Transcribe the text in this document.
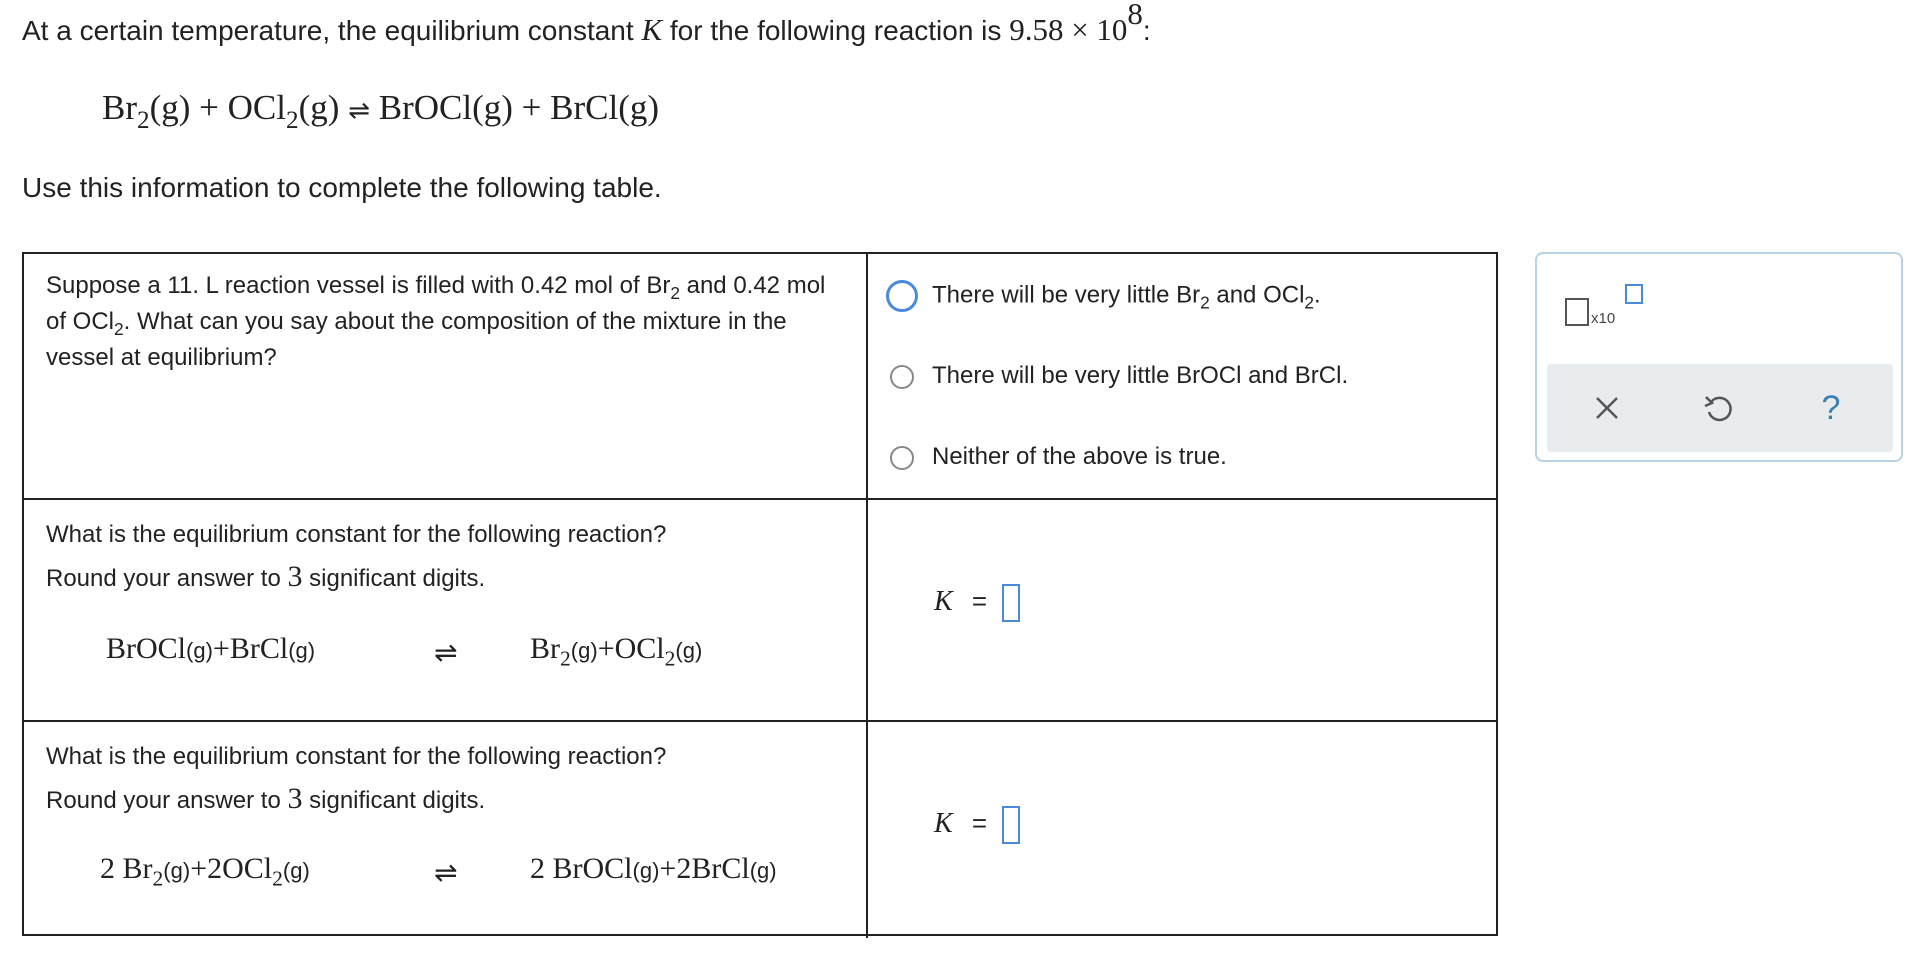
At a certain temperature, the equilibrium constant K for the following reaction is $9.58 \times 10^8$:
$Br_2(g) + OCl_2(g)$ ⇌ BrOCl(g) + BrCl(g)
Use this information to complete the following table.
Suppose a 11. L reaction vessel is filled with 0.42 mol of $Br_2$ and 0.42 mol of OCl$_2$. What can you say about the composition of the mixture in the vessel at equilibrium?
There will be very little $Br_2$ and OCl$_2$.
There will be very little BrOCl and BrCl.
Neither of the above is true.
What is the equilibrium constant for the following reaction?
Round your answer to 3 significant digits.
BrOCl(g)+BrCl(g)	⇌ $Br_2(g)+OCl_2(g)$
K =
What is the equilibrium constant for the following reaction?
Round your answer to 3 significant digits.
2 $Br_2(g)+2OCl_2(g)$	⇌ 2 BrOCl(g)+2BrCl(g)
K =
x10
?
